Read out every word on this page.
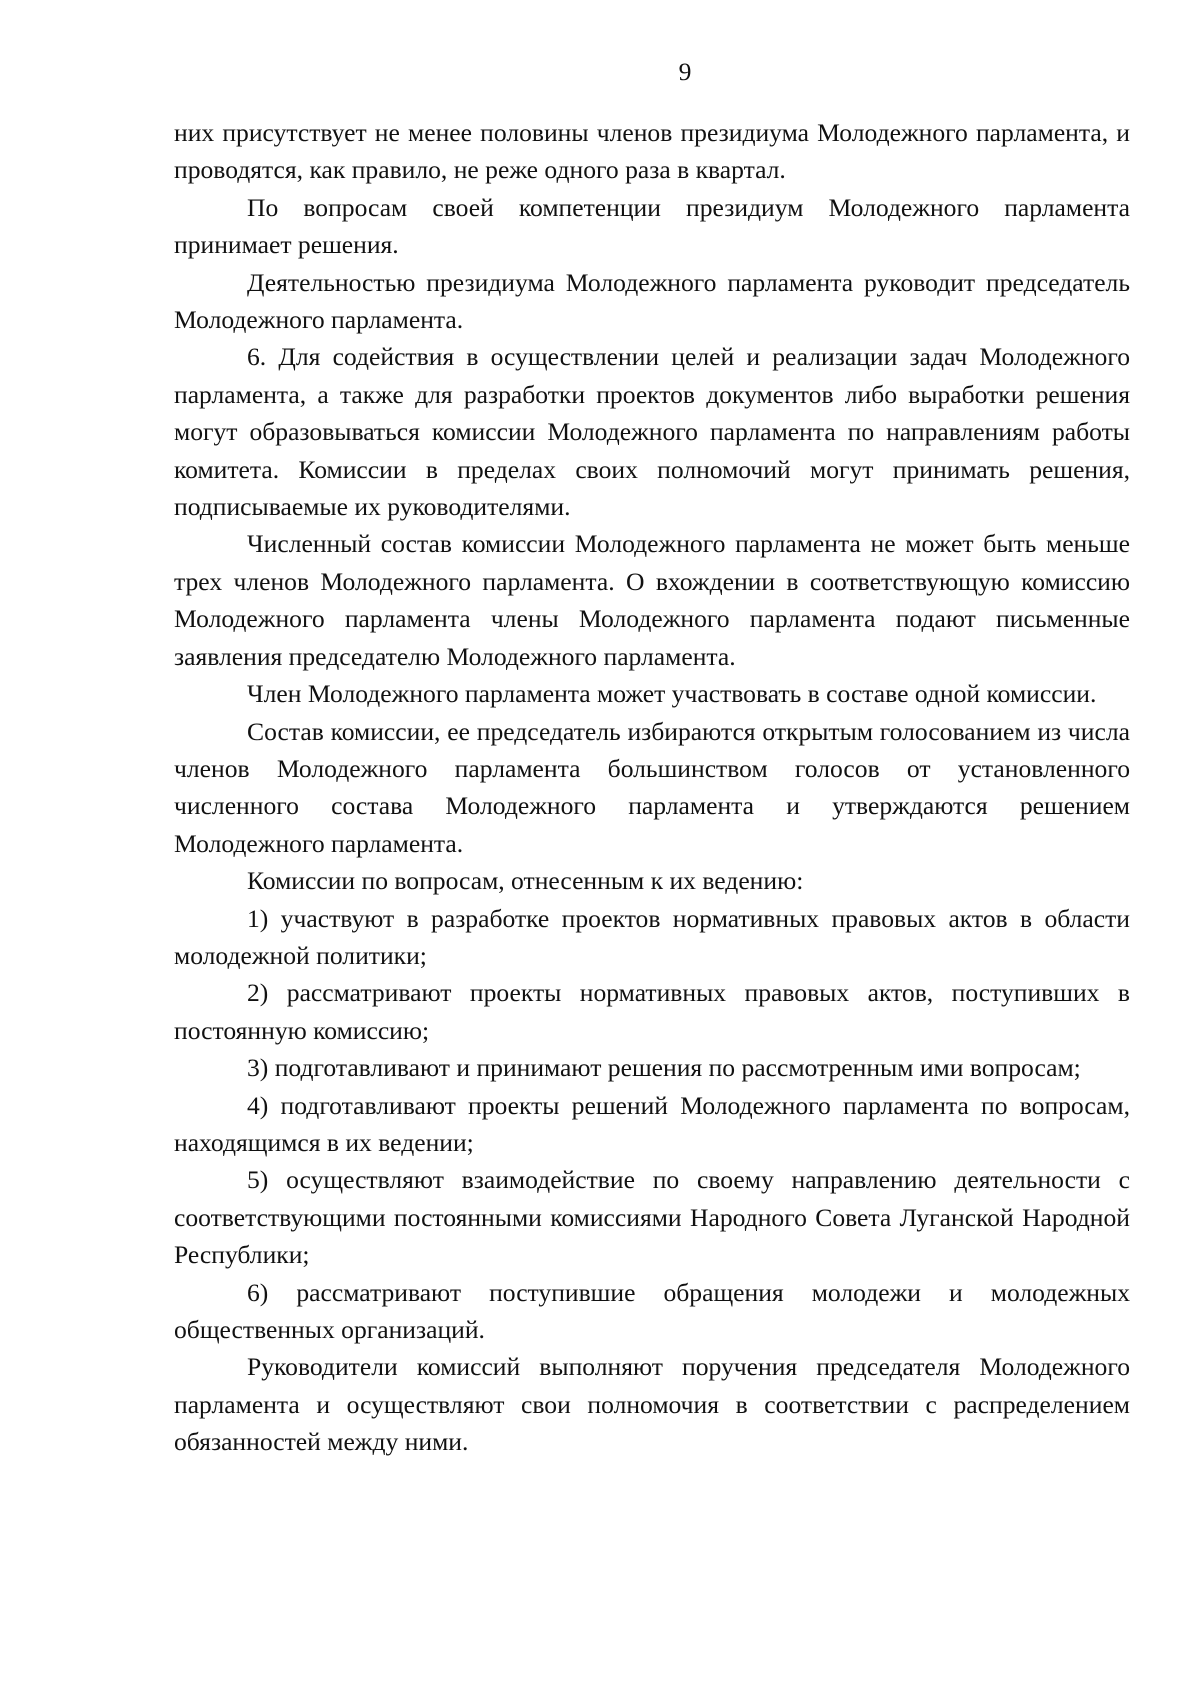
9

них присутствует не менее половины членов президиума Молодежного парламента, и проводятся, как правило, не реже одного раза в квартал.

По вопросам своей компетенции президиум Молодежного парламента принимает решения.

Деятельностью президиума Молодежного парламента руководит председатель Молодежного парламента.

6. Для содействия в осуществлении целей и реализации задач Молодежного парламента, а также для разработки проектов документов либо выработки решения могут образовываться комиссии Молодежного парламента по направлениям работы комитета. Комиссии в пределах своих полномочий могут принимать решения, подписываемые их руководителями.

Численный состав комиссии Молодежного парламента не может быть меньше трех членов Молодежного парламента. О вхождении в соответствующую комиссию Молодежного парламента члены Молодежного парламента подают письменные заявления председателю Молодежного парламента.

Член Молодежного парламента может участвовать в составе одной комиссии.

Состав комиссии, ее председатель избираются открытым голосованием из числа членов Молодежного парламента большинством голосов от установленного численного состава Молодежного парламента и утверждаются решением Молодежного парламента.

Комиссии по вопросам, отнесенным к их ведению:

1) участвуют в разработке проектов нормативных правовых актов в области молодежной политики;

2) рассматривают проекты нормативных правовых актов, поступивших в постоянную комиссию;

3) подготавливают и принимают решения по рассмотренным ими вопросам;

4) подготавливают проекты решений Молодежного парламента по вопросам, находящимся в их ведении;

5) осуществляют взаимодействие по своему направлению деятельности с соответствующими постоянными комиссиями Народного Совета Луганской Народной Республики;

6) рассматривают поступившие обращения молодежи и молодежных общественных организаций.

Руководители комиссий выполняют поручения председателя Молодежного парламента и осуществляют свои полномочия в соответствии с распределением обязанностей между ними.
